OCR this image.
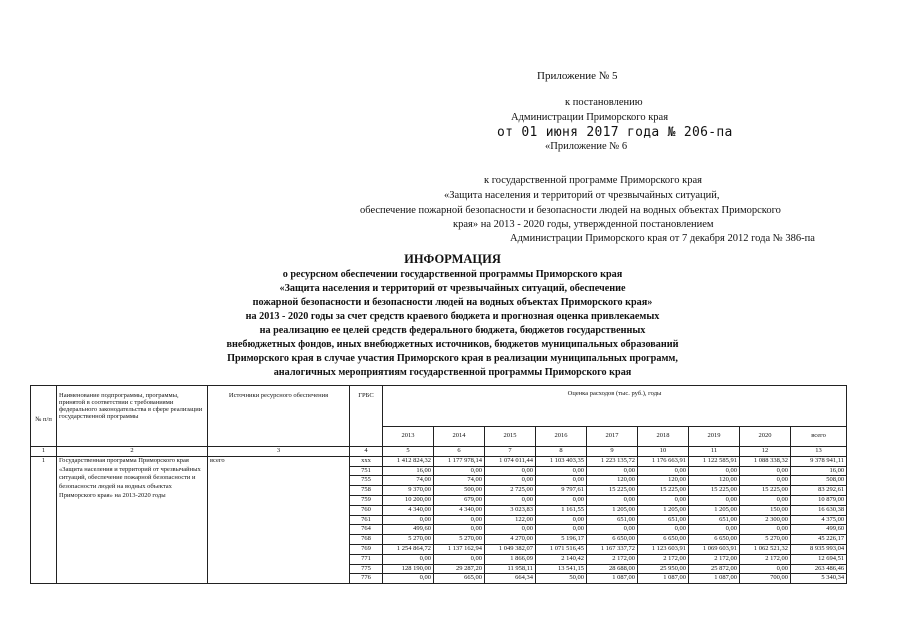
Приложение № 5
к постановлению
Администрации Приморского края
от 01 июня 2017 года № 206-па
«Приложение № 6
к государственной программе Приморского края
«Защита населения и территорий от чрезвычайных ситуаций,
обеспечение пожарной безопасности и безопасности людей на водных объектах Приморского
края» на 2013 - 2020 годы, утвержденной постановлением
Администрации Приморского края от 7 декабря 2012 года № 386-па
ИНФОРМАЦИЯ
о ресурсном обеспечении государственной программы Приморского края
«Защита населения и территорий от чрезвычайных ситуаций, обеспечение
пожарной безопасности и безопасности людей на водных объектах Приморского края»
на 2013 - 2020 годы за счет средств краевого бюджета и прогнозная оценка привлекаемых
на реализацию ее целей средств федерального бюджета, бюджетов государственных
внебюджетных фондов, иных внебюджетных источников, бюджетов муниципальных образований
Приморского края в случае участия Приморского края в реализации муниципальных программ,
аналогичных мероприятиям государственной программы Приморского края
№ п/п	Наименование подпрограммы, программы, принятой в соответствии с требованиями федерального законодательства в сфере реализации государственной программы	Источники ресурсного обеспечения	ГРБС	Оценка расходов (тыс. руб.), годы								
				2013	2014	2015	2016	2017	2018	2019	2020	всего
1	2	3	4	5	6	7	8	9	10	11	12	13
1	Государственная программа Приморского края «Защита населения и территорий от чрезвычайных ситуаций, обеспечение пожарной безопасности и безопасности людей на водных объектах Приморского края» на 2013-2020 годы	всего	ххх	1 412 824,32	1 177 978,14	1 074 011,44	1 103 403,35	1 223 135,72	1 176 663,91	1 122 585,91	1 088 338,32	9 378 941,11
			751	16,00	0,00	0,00	0,00	0,00	0,00	0,00	0,00	16,00
			755	74,00	74,00	0,00	0,00	120,00	120,00	120,00	0,00	508,00
			758	9 370,00	500,00	2 725,00	9 797,61	15 225,00	15 225,00	15 225,00	15 225,00	83 292,61
			759	10 200,00	679,00	0,00	0,00	0,00	0,00	0,00	0,00	10 879,00
			760	4 340,00	4 340,00	3 023,83	1 161,55	1 205,00	1 205,00	1 205,00	150,00	16 630,38
			761	0,00	0,00	122,00	0,00	651,00	651,00	651,00	2 300,00	4 375,00
			764	499,60	0,00	0,00	0,00	0,00	0,00	0,00	0,00	499,60
			768	5 270,00	5 270,00	4 270,00	5 196,17	6 650,00	6 650,00	6 650,00	5 270,00	45 226,17
			769	1 254 864,72	1 137 162,94	1 049 382,07	1 071 516,45	1 167 337,72	1 123 603,91	1 069 603,91	1 062 521,32	8 935 993,04
			771	0,00	0,00	1 866,09	2 140,42	2 172,00	2 172,00	2 172,00	2 172,00	12 694,51
			775	128 190,00	29 287,20	11 958,11	13 541,15	28 688,00	25 950,00	25 872,00	0,00	263 486,46
			776	0,00	665,00	664,34	50,00	1 087,00	1 087,00	1 087,00	700,00	5 340,34
